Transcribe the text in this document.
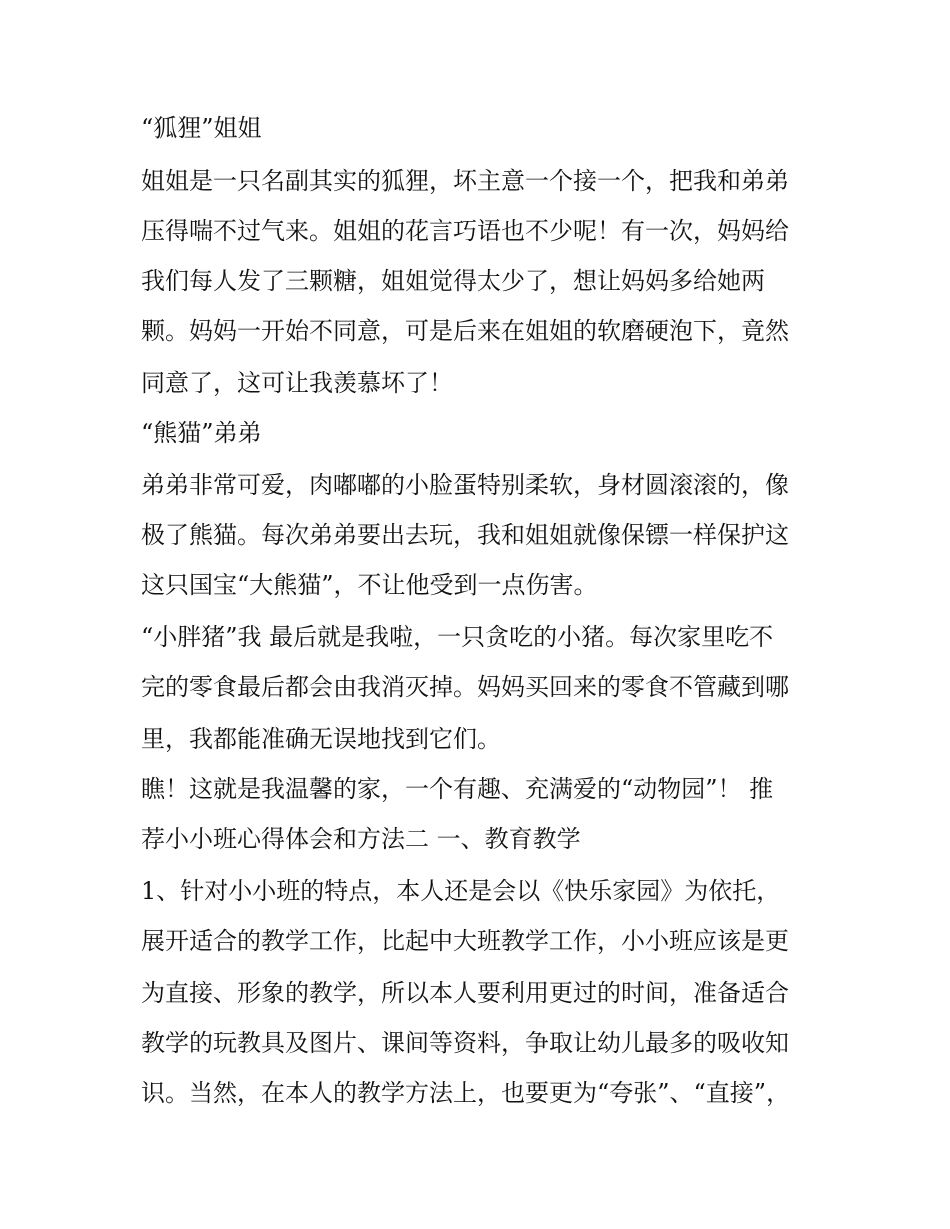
“狐狸”姐姐
姐姐是一只名副其实的狐狸，坏主意一个接一个，把我和弟弟
压得喘不过气来。姐姐的花言巧语也不少呢！有一次，妈妈给
我们每人发了三颗糖，姐姐觉得太少了，想让妈妈多给她两
颗。妈妈一开始不同意，可是后来在姐姐的软磨硬泡下，竟然
同意了，这可让我羡慕坏了！
“熊猫”弟弟
弟弟非常可爱，肉嘟嘟的小脸蛋特别柔软，身材圆滚滚的，像
极了熊猫。每次弟弟要出去玩，我和姐姐就像保镖一样保护这
这只国宝“大熊猫”，不让他受到一点伤害。
“小胖猪”我 最后就是我啦，一只贪吃的小猪。每次家里吃不
完的零食最后都会由我消灭掉。妈妈买回来的零食不管藏到哪
里，我都能准确无误地找到它们。
瞧！这就是我温馨的家，一个有趣、充满爱的“动物园”！ 推
荐小小班心得体会和方法二 一、教育教学
1、针对小小班的特点，本人还是会以《快乐家园》为依托，
展开适合的教学工作，比起中大班教学工作，小小班应该是更
为直接、形象的教学，所以本人要利用更过的时间，准备适合
教学的玩教具及图片、课间等资料，争取让幼儿最多的吸收知
识。当然，在本人的教学方法上，也要更为“夸张”、“直接”，
